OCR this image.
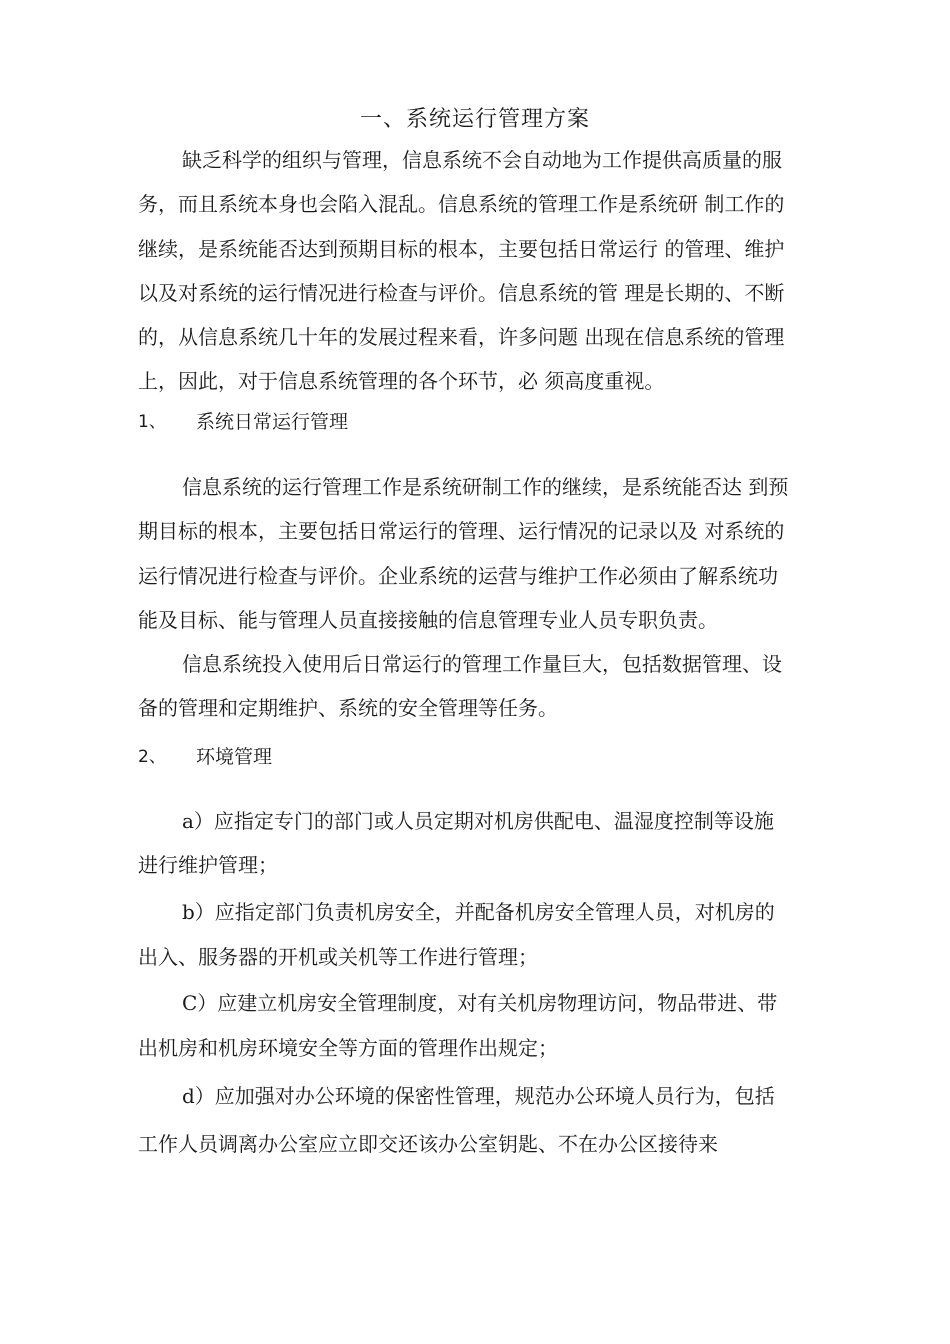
一、系统运行管理方案
缺乏科学的组织与管理，信息系统不会自动地为工作提供高质量的服
务，而且系统本身也会陷入混乱。信息系统的管理工作是系统研 制工作的
继续，是系统能否达到预期目标的根本，主要包括日常运行 的管理、维护
以及对系统的运行情况进行检查与评价。信息系统的管 理是长期的、不断
的，从信息系统几十年的发展过程来看，许多问题 出现在信息系统的管理
上，因此，对于信息系统管理的各个环节，必 须高度重视。
1、 系统日常运行管理
信息系统的运行管理工作是系统研制工作的继续，是系统能否达 到预
期目标的根本，主要包括日常运行的管理、运行情况的记录以及 对系统的
运行情况进行检查与评价。企业系统的运营与维护工作必须由了解系统功
能及目标、能与管理人员直接接触的信息管理专业人员专职负责。
信息系统投入使用后日常运行的管理工作量巨大，包括数据管理、设
备的管理和定期维护、系统的安全管理等任务。
2、 环境管理
a）应指定专门的部门或人员定期对机房供配电、温湿度控制等设施
进行维护管理；
b）应指定部门负责机房安全，并配备机房安全管理人员，对机房的
出入、服务器的开机或关机等工作进行管理；
C）应建立机房安全管理制度，对有关机房物理访问，物品带进、带
出机房和机房环境安全等方面的管理作出规定；
d）应加强对办公环境的保密性管理，规范办公环境人员行为，包括
工作人员调离办公室应立即交还该办公室钥匙、不在办公区接待来
